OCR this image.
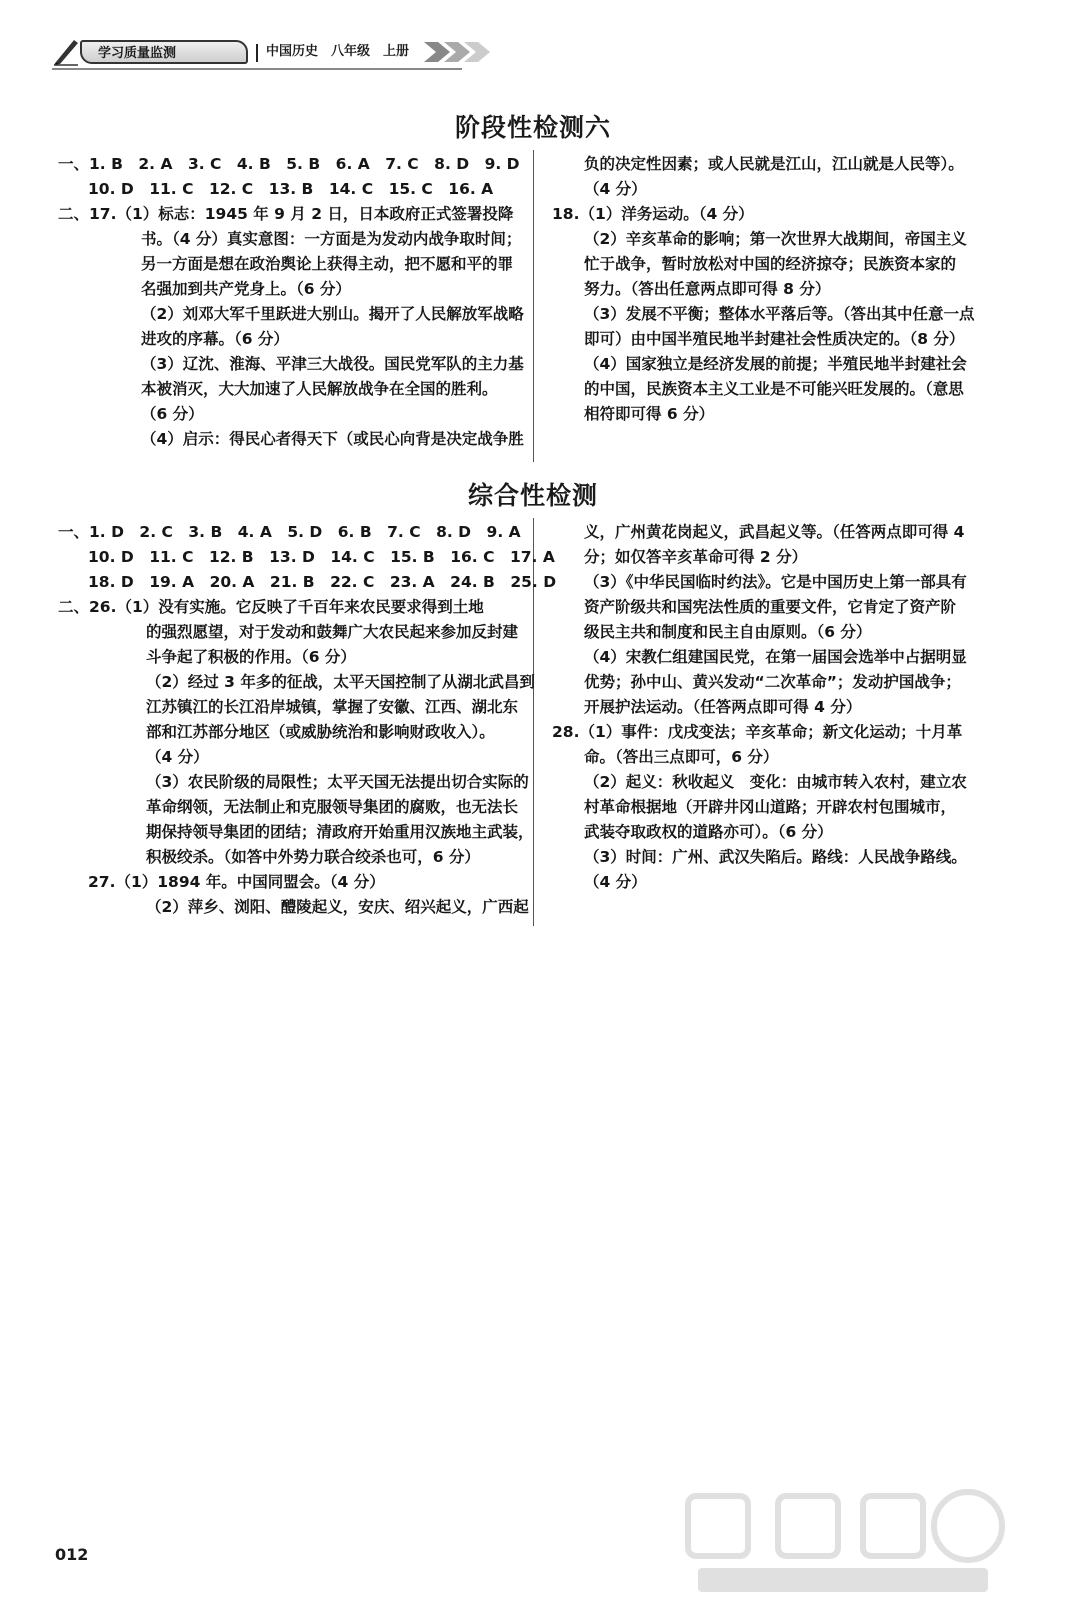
学习质量监测	中国历史　八年级　上册
阶段性检测六
一、1. B　2. A　3. C　4. B　5. B　6. A　7. C　8. D　9. D
10. D　11. C　12. C　13. B　14. C　15. C　16. A
二、17.（1）标志：1945 年 9 月 2 日，日本政府正式签署投降
书。（4 分）真实意图：一方面是为发动内战争取时间；
另一方面是想在政治舆论上获得主动，把不愿和平的罪
名强加到共产党身上。（6 分）
（2）刘邓大军千里跃进大别山。揭开了人民解放军战略
进攻的序幕。（6 分）
（3）辽沈、淮海、平津三大战役。国民党军队的主力基
本被消灭，大大加速了人民解放战争在全国的胜利。
（6 分）
（4）启示：得民心者得天下（或民心向背是决定战争胜
负的决定性因素；或人民就是江山，江山就是人民等）。
（4 分）
18.（1）洋务运动。（4 分）
（2）辛亥革命的影响；第一次世界大战期间，帝国主义
忙于战争，暂时放松对中国的经济掠夺；民族资本家的
努力。（答出任意两点即可得 8 分）
（3）发展不平衡；整体水平落后等。（答出其中任意一点
即可）由中国半殖民地半封建社会性质决定的。（8 分）
（4）国家独立是经济发展的前提；半殖民地半封建社会
的中国，民族资本主义工业是不可能兴旺发展的。（意思
相符即可得 6 分）
综合性检测
一、1. D　2. C　3. B　4. A　5. D　6. B　7. C　8. D　9. A
10. D　11. C　12. B　13. D　14. C　15. B　16. C　17. A
18. D　19. A　20. A　21. B　22. C　23. A　24. B　25. D
二、26.（1）没有实施。它反映了千百年来农民要求得到土地
的强烈愿望，对于发动和鼓舞广大农民起来参加反封建
斗争起了积极的作用。（6 分）
（2）经过 3 年多的征战，太平天国控制了从湖北武昌到
江苏镇江的长江沿岸城镇，掌握了安徽、江西、湖北东
部和江苏部分地区（或威胁统治和影响财政收入）。
（4 分）
（3）农民阶级的局限性；太平天国无法提出切合实际的
革命纲领，无法制止和克服领导集团的腐败，也无法长
期保持领导集团的团结；清政府开始重用汉族地主武装，
积极绞杀。（如答中外势力联合绞杀也可，6 分）
27.（1）1894 年。中国同盟会。（4 分）
（2）萍乡、浏阳、醴陵起义，安庆、绍兴起义，广西起
义，广州黄花岗起义，武昌起义等。（任答两点即可得 4
分；如仅答辛亥革命可得 2 分）
（3）《中华民国临时约法》。它是中国历史上第一部具有
资产阶级共和国宪法性质的重要文件，它肯定了资产阶
级民主共和制度和民主自由原则。（6 分）
（4）宋教仁组建国民党，在第一届国会选举中占据明显
优势；孙中山、黄兴发动“二次革命”；发动护国战争；
开展护法运动。（任答两点即可得 4 分）
28.（1）事件：戊戌变法；辛亥革命；新文化运动；十月革
命。（答出三点即可，6 分）
（2）起义：秋收起义　变化：由城市转入农村，建立农
村革命根据地（开辟井冈山道路；开辟农村包围城市，
武装夺取政权的道路亦可）。（6 分）
（3）时间：广州、武汉失陷后。路线：人民战争路线。
（4 分）
012
